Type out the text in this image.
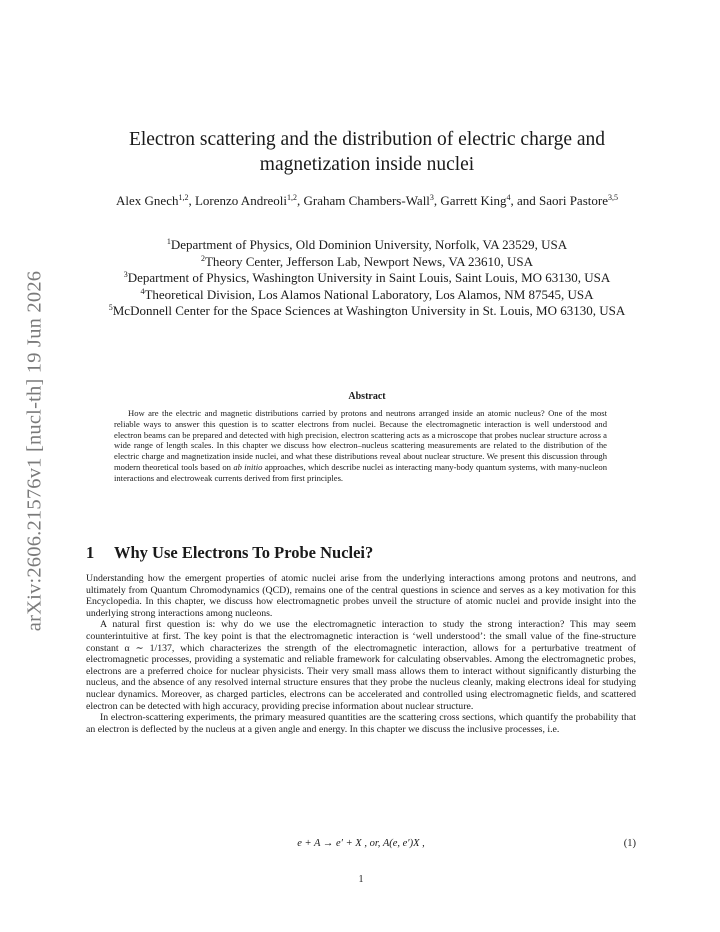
arXiv:2606.21576v1 [nucl-th] 19 Jun 2026
Electron scattering and the distribution of electric charge and
magnetization inside nuclei
Alex Gnech$^{1,2}$, Lorenzo Andreoli$^{1,2}$, Graham Chambers-Wall$^3$, Garrett King$^4$, and Saori Pastore$^{3,5}$
$^1$Department of Physics, Old Dominion University, Norfolk, VA 23529, USA
$^2$Theory Center, Jefferson Lab, Newport News, VA 23610, USA
$^3$Department of Physics, Washington University in Saint Louis, Saint Louis, MO 63130, USA
$^4$Theoretical Division, Los Alamos National Laboratory, Los Alamos, NM 87545, USA
$^5$McDonnell Center for the Space Sciences at Washington University in St. Louis, MO 63130, USA
Abstract
How are the electric and magnetic distributions carried by protons and neutrons arranged inside an atomic nucleus? One of the most reliable ways to answer this question is to scatter electrons from nuclei. Because the electromagnetic interaction is well understood and electron beams can be prepared and detected with high precision, electron scattering acts as a microscope that probes nuclear structure across a wide range of length scales. In this chapter we discuss how electron–nucleus scattering measurements are related to the distribution of the electric charge and magnetization inside nuclei, and what these distributions reveal about nuclear structure. We present this discussion through modern theoretical tools based on ab initio approaches, which describe nuclei as interacting many-body quantum systems, with many-nucleon interactions and electroweak currents derived from first principles.
1 Why Use Electrons To Probe Nuclei?

Understanding how the emergent properties of atomic nuclei arise from the underlying interactions among protons and neutrons, and ultimately from Quantum Chromodynamics (QCD), remains one of the central questions in science and serves as a key motivation for this Encyclopedia. In this chapter, we discuss how electromagnetic probes unveil the structure of atomic nuclei and provide insight into the underlying strong interactions among nucleons.

A natural first question is: why do we use the electromagnetic interaction to study the strong interaction? This may seem counterintuitive at first. The key point is that the electromagnetic interaction is ‘well understood’: the small value of the fine-structure constant α ∼ 1/137, which characterizes the strength of the electromagnetic interaction, allows for a perturbative treatment of electromagnetic processes, providing a systematic and reliable framework for calculating observables. Among the electromagnetic probes, electrons are a preferred choice for nuclear physicists. Their very small mass allows them to interact without significantly disturbing the nucleus, and the absence of any resolved internal structure ensures that they probe the nucleus cleanly, making electrons ideal for studying nuclear dynamics. Moreover, as charged particles, electrons can be accelerated and controlled using electromagnetic fields, and scattered electron can be detected with high accuracy, providing precise information about nuclear structure.

In electron-scattering experiments, the primary measured quantities are the scattering cross sections, which quantify the probability that an electron is deflected by the nucleus at a given angle and energy. In this chapter we discuss the inclusive processes, i.e.

e + A → e′ + X , or, A(e, e′)X ,	(1)
1
